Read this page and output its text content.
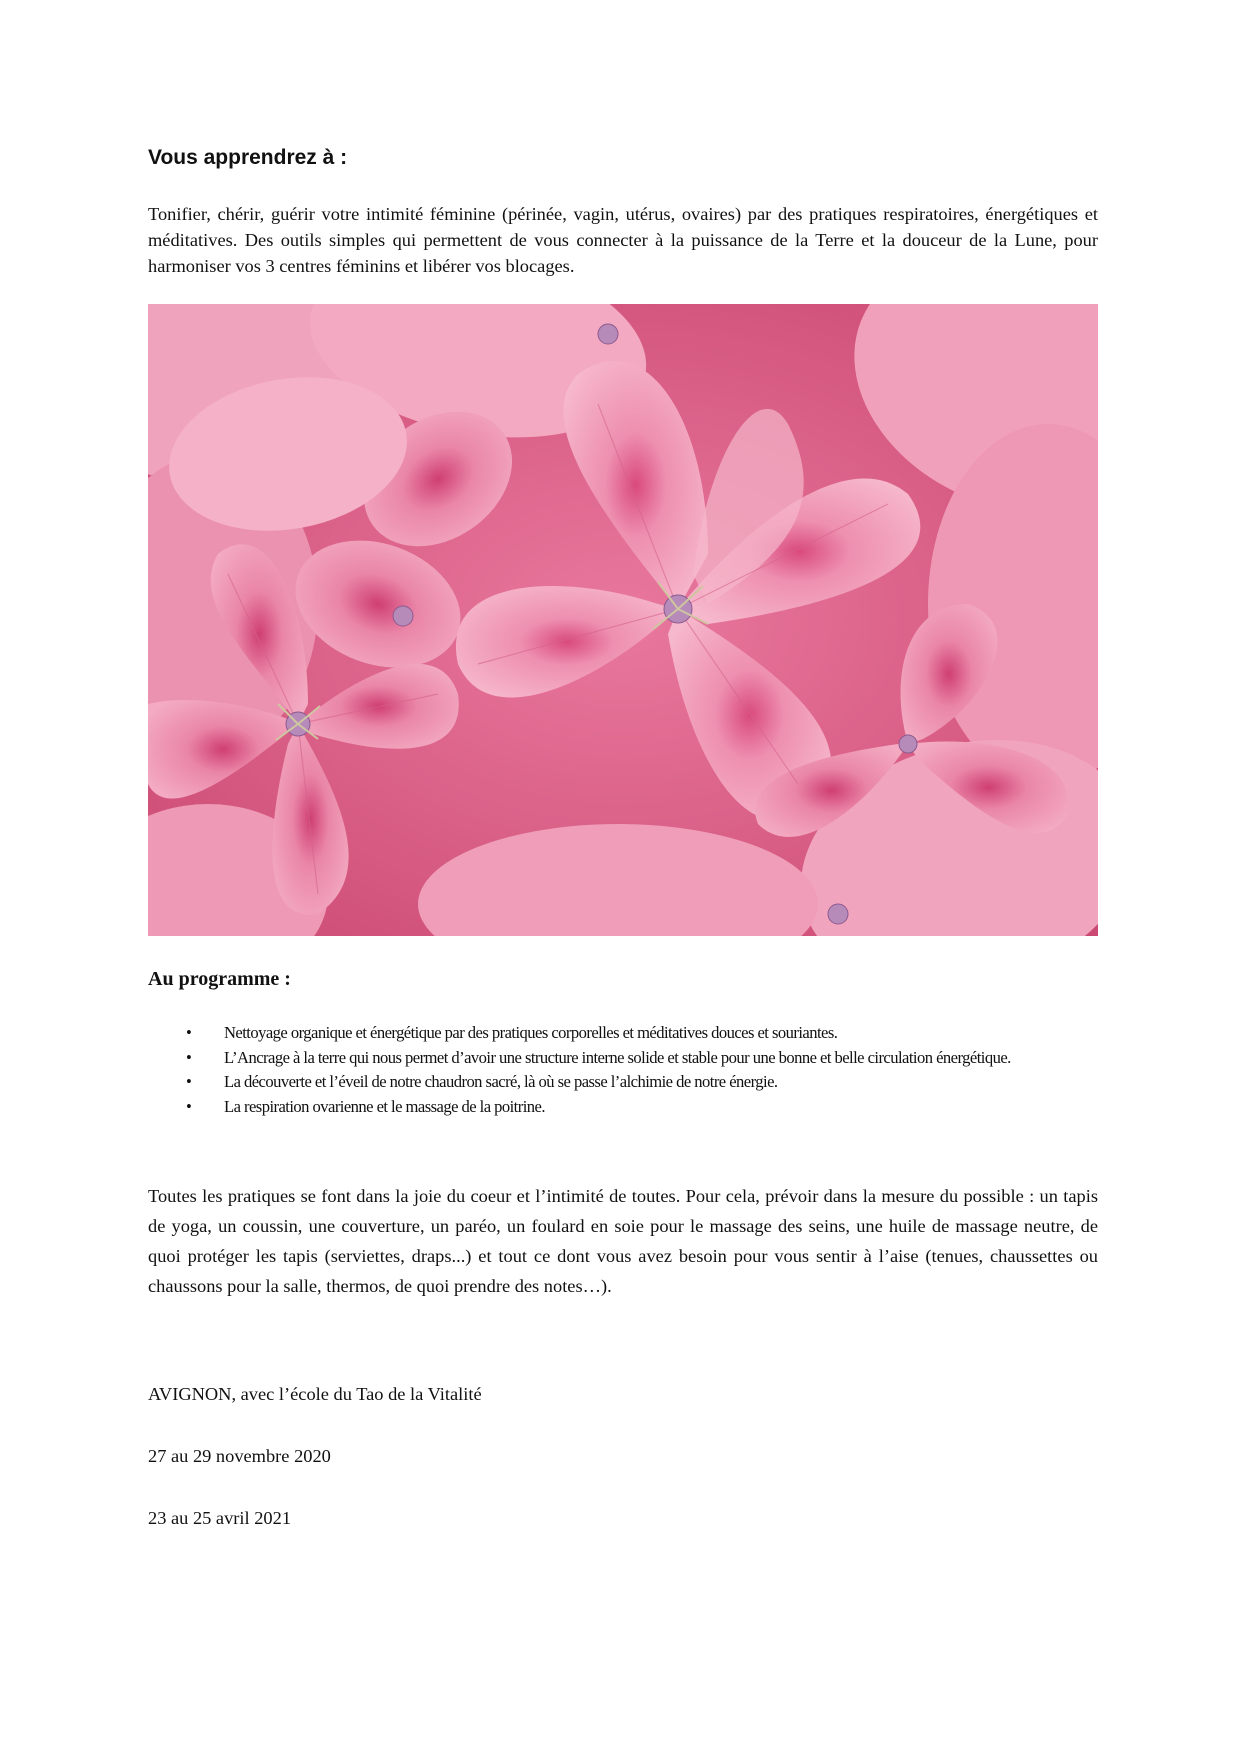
Vous apprendrez à :

Tonifier, chérir, guérir votre intimité féminine (périnée, vagin, utérus, ovaires) par des pratiques respiratoires, énergétiques et méditatives. Des outils simples qui permettent de vous connecter à la puissance de la Terre et la douceur de la Lune, pour harmoniser vos 3 centres féminins et libérer vos blocages.

Au programme :
• Nettoyage organique et énergétique par des pratiques corporelles et méditatives douces et souriantes.
• L’Ancrage à la terre qui nous permet d’avoir une structure interne solide et stable pour une bonne et belle circulation énergétique.
• La découverte et l’éveil de notre chaudron sacré, là où se passe l’alchimie de notre énergie.
• La respiration ovarienne et le massage de la poitrine.

Toutes les pratiques se font dans la joie du coeur et l’intimité de toutes. Pour cela, prévoir dans la mesure du possible : un tapis de yoga, un coussin, une couverture, un paréo, un foulard en soie pour le massage des seins, une huile de massage neutre, de quoi protéger les tapis (serviettes, draps...) et tout ce dont vous avez besoin pour vous sentir à l’aise (tenues, chaussettes ou chaussons pour la salle, thermos, de quoi prendre des notes…).

AVIGNON, avec l’école du Tao de la Vitalité

27 au 29 novembre 2020

23 au 25 avril 2021
